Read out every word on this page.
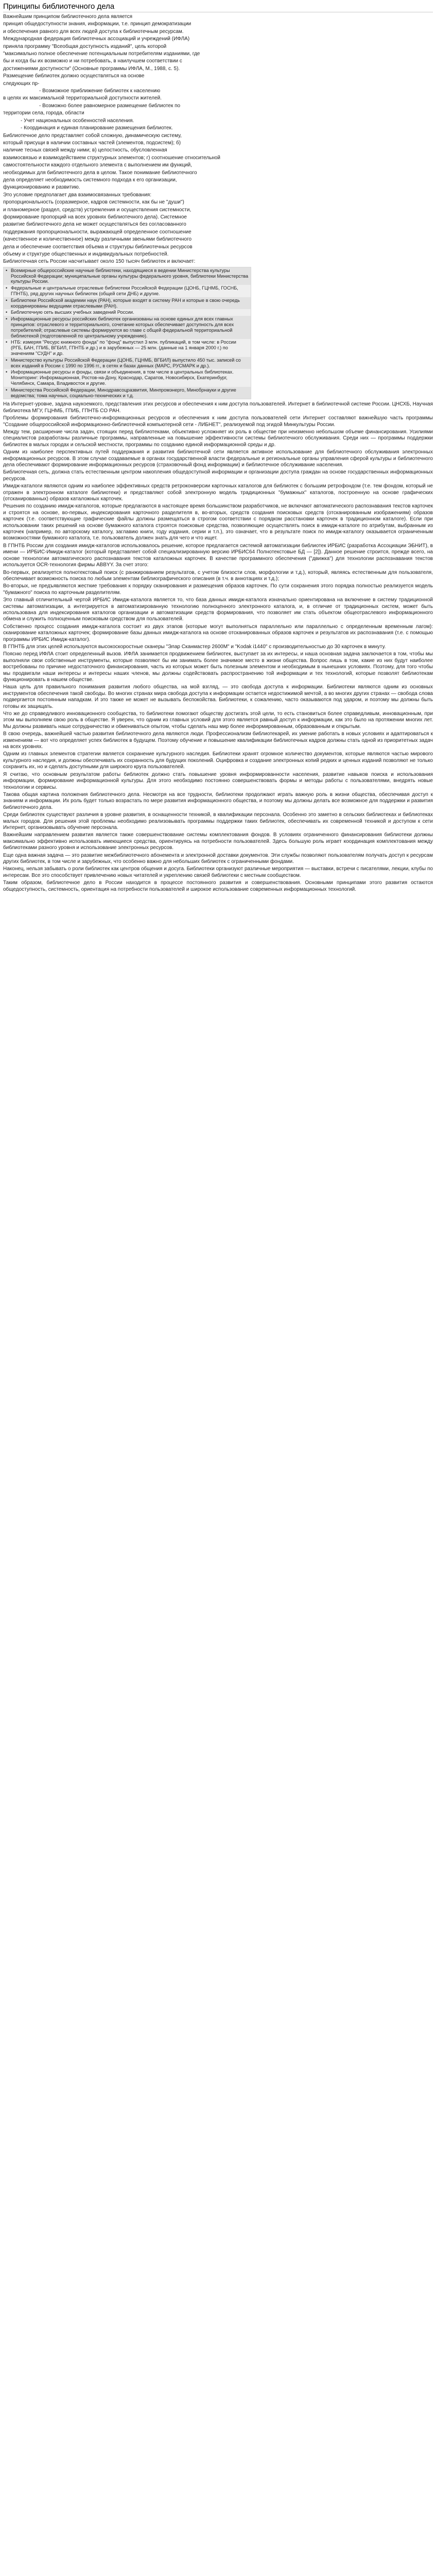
Принципы библиотечного дела

Важнейшим принципом библиотечного дела является

принцип общедоступности знания, информации, т.е. принцип демократизации

и обеспечения равного для всех людей доступа к библиотечным ресурсам.

Международная федерация библиотечных ассоциаций и учреждений (ИФЛА)

приняла программу "Всеобщая доступность изданий", цель которой

"максимально полное обеспечение потенциальным потребителям изданиями, где

бы и когда бы их возможно и ни потребовать, в наилучшем соответствии с

достижениями доступности" (Основные программы ИФЛА, М., 1988, с. 5).

Размещение библиотек должно осуществляться на основе

следующих пр-

- Возможное приближение библиотек к населению

в целях их максимальной территориальной доступности жителей.

- Возможно более равномерное размещение библиотек по

территории села, города, области

- Учет национальных особенностей населения.

- Координация и единая планирование размещения библиотек.

Библиотечное дело представляет собой сложную, динамическую систему,

который присущи в наличии составных частей (элементов, подсистем); б)

наличие тесных связей между ними; в) целостность, обусловленная

взаимосвязью и взаимодействием структурных элементов; г) соотношение относительной

самостоятельности каждого отдельного элемента с выполнением им функций,

необходимых для библиотечного дела в целом. Такое понимание библиотечного

дела определяет необходимость системного подхода к его организации,

функционированию и развитию.

Это условие предполагает два взаимосвязанных требования:

пропорциональность (соразмерное, кадров системности, как бы не "души")

и планомерное (раздел, средств) устремления и осуществления системности,

формирование пропорций на всех уровнях библиотечного дела). Системное

развитие библиотечного дела не может осуществляться без согласованного

поддержания пропорциональности, выражающей определенное соотношение

(качественное и количественное) между различными звеньями библиотечного

дела и обеспечение соответствия объема и структуры библиотечных ресурсов

объему и структуре общественных и индивидуальных потребностей.

Библиотечная сеть России насчитывает около 150 тысяч библиотек и включает:

• Всемирные общероссийские научные библиотеки, находящиеся в ведении Министерства культуры Российской Федерации; муниципальные органы культуры федерального уровня, библиотеки Министерства культуры России.
• Федеральные и центральные отраслевые библиотеки Российской Федерации (ЦОНБ, ГЦНМБ, ГОСНБ, ГПНТБ), ряд других научных библиотек (общей сети ДНБ) и другие.
• Библиотеки Российской академии наук (РАН), которые входят в систему РАН и которые в свою очередь координированы ведущими отраслевыми (РАН).
• Библиотечную сеть высших учебных заведений России.
• Информационные ресурсы российских библиотек организованы на основе единых для всех главных принципов: отраслевого и территориального, сочетание которых обеспечивает доступность для всех потребителей; отраслевые системы формируются во главе с общей федеральной территориальной библиотекой (подготовленной по центральному учреждению).
• НТБ: измеряя "Ресурс книжного фонда" по "фонд" выпустил 3 млн. публикаций, в том числе: в России (РГБ, БАН, ГПИБ, ВГБИЛ, ГПНТБ и др.) и в зарубежных — 25 млн. (данные на 1 января 2000 г.) по значениям "СУДН" и др.
• Министерство культуры Российской Федерации (ЦОНБ, ГЦНМБ, ВГБИЛ) выпустило 450 тыс. записей со всех изданий в России с 1990 по 1996 гг., в сетях и базах данных (МАРС, РУСМАРК и др.).
• Информационные ресурсы и фонды, связи и объединения, в том числе в центральных библиотеках. Мониторинг: Информационная, Ростов-на-Дону, Краснодар, Саратов, Новосибирск, Екатеринбург, Челябинск, Самара, Владивосток и другие.
• Министерства Российской Федерации, Минздравсоцразвития, Минпромэнерго, Минобрнауки и другие ведомства; тома научных, социально-технических и т.д.

На Интернет-уровне, задача наукоемкого, представления этих ресурсов и обеспечения к ним доступа пользователей. Интернет в библиотечной системе России. ЦНСХБ, Научная библиотека МГУ, ГЦНМБ, ГПИБ, ГПНТБ СО РАН.

Проблемы формирования библиотечно-информационных ресурсов и обеспечения к ним доступа пользователей сети Интернет составляют важнейшую часть программы "Создание общероссийской информационно-библиотечной компьютерной сети - ЛИБНЕТ", реализуемой под эгидой Минкультуры России.

Между тем, расширение числа задач, стоящих перед библиотеками, объективно усложняет их роль в обществе при неизменно небольшом объеме финансирования. Усилиями специалистов разработаны различные программы, направленные на повышение эффективности системы библиотечного обслуживания. Среди них — программы поддержки библиотек в малых городах и сельской местности, программы по созданию единой информационной среды и др.

Одним из наиболее перспективных путей поддержания и развития библиотечной сети является активное использование для библиотечного обслуживания электронных информационных ресурсов. В этом случае создаваемые в органах государственной власти федеральные и региональные органы управления сферой культуры и библиотечного дела обеспечивают формирование информационных ресурсов (страховочный фонд информации) и библиотечное обслуживание населения.

Библиотечная сеть, должна стать естественным центром накопления общедоступной информации и организации доступа граждан на основе государственных информационных ресурсов.

Имидж-каталоги являются одним из наиболее эффективных средств ретроконверсии карточных каталогов для библиотек с большим ретрофондом (т.е. тем фондом, который не отражен в электронном каталоге библиотеки) и представляют собой электронную модель традиционных "бумажных" каталогов, построенную на основе графических (отсканированных) образов каталожных карточек.

Решения по созданию имидж-каталогов, которые предлагаются в настоящее время большинством разработчиков, не включают автоматического распознавания текстов карточек и строятся на основе, во-первых, индексирования карточного разделителя в, во-вторых, средств создания поисковых средств (отсканированным изображениям) образов карточек (т.е. соответствующие графические файлы должны размещаться в строгом соответствии с порядком расстановки карточек в традиционном каталоге). Если при использовании таких решений на основе бумажного каталога строятся поисковые средства, позволяющие осуществлять поиск в имидж-каталоге по атрибутам, выбранным из карточек (например, по авторскому каталогу, заглавию книги, году издания, серии и т.п.), это означает, что в результате поиск по имидж-каталогу оказывается ограниченным возможностями бумажного каталога, т.е. пользователь должен знать для чего и что ищет.

В ГПНТБ России для создания имидж-каталогов использовалось решение, которое предлагается системой автоматизации библиотек ИРБИС (разработка Ассоциации ЭБНИТ), в имени — ИРБИС-Имидж-каталог (который представляет собой специализированную версию ИРБИС64 Полнотекстовые БД — [2]). Данное решение строится, прежде всего, на основе технологии автоматического распознавания текстов каталожных карточек. В качестве программного обеспечения ("движка") для технологии распознавания текстов используется OCR-технология фирмы ABBYY. За счет этого:

Во-первых, реализуется полнотекстовый поиск (с ранжированием результатов, с учетом близости слов, морфологии и т.д.), который, являясь естественным для пользователя, обеспечивает возможность поиска по любым элементам библиографического описания (в т.ч. в аннотациях и т.д.);

Во-вторых, не предъявляются жесткие требования к порядку сканирования и размещения образов карточек. По сути сохранения этого порядка полностью реализуется модель "бумажного" поиска по карточным разделителям.

Это главный отличительный чертой ИРБИС Имидж-каталога является то, что база данных имидж-каталога изначально ориентирована на включение в систему традиционной системы автоматизации, а интегрируется в автоматизированную технологию полноценного электронного каталога, и, в отличие от традиционных систем, может быть использована для индексирования каталогов организации и автоматизации средств формирования, что позволяет им стать объектом общеотраслевого информационного обмена и служить полноценным поисковым средством для пользователей.

Собственно процесс создания имидж-каталога состоит из двух этапов (которые могут выполняться параллельно или параллельно с определенным временным лагом): сканирование каталожных карточек; формирование базы данных имидж-каталога на основе отсканированных образов карточек и результатов их распознавания (т.е. с помощью программы ИРБИС Имидж-каталог).

В ГПНТБ для этих целей используются высокоскоростные сканеры "Элар Сканмастер 2600М" и "Kodak i1440" с производительностью до 30 карточек в минуту.

Поясню перед ИФЛА стоит определенный вызов. ИФЛА занимается продвижением библиотек, выступает за их интересы, и наша основная задача заключается в том, чтобы мы выполняли свои собственные инструменты, которые позволяют бы им занимать более значимое место в жизни общества. Вопрос лишь в том, какие из них будут наиболее востребованы по причине недостаточного финансирования, часть из которых может быть полезным элементом и необходимым в нынешних условиях. Поэтому, для того чтобы мы продвигали наши интересы и интересы наших членов, мы должны содействовать распространению той информации и тех технологий, которые позволят библиотекам функционировать в нашем обществе.

Наша цель для правильного понимания развития любого общества, на мой взгляд, — это свобода доступа к информации. Библиотеки являются одним из основных инструментов обеспечения такой свободы. Во многих странах мира свобода доступа к информации остается недостижимой мечтой, а во многих других странах — свобода слова подвергается постоянным нападкам. И это также не может не вызывать беспокойства. Библиотеки, к сожалению, часто оказываются под ударом, и поэтому мы должны быть готовы их защищать.

Что же до справедливого инновационного сообщества, то библиотеки помогают обществу достигать этой цели, то есть становиться более справедливым, инновационным, при этом мы выполняем свою роль в обществе. Я уверен, что одним из главных условий для этого является равный доступ к информации, как это было на протяжении многих лет. Мы должны развивать наше сотрудничество и обмениваться опытом, чтобы сделать наш мир более информированным, образованным и открытым.

В свою очередь, важнейшей частью развития библиотечного дела являются люди. Профессионализм библиотекарей, их умение работать в новых условиях и адаптироваться к изменениям — вот что определяет успех библиотек в будущем. Поэтому обучение и повышение квалификации библиотечных кадров должны стать одной из приоритетных задач на всех уровнях.

Одним из главных элементов стратегии является сохранение культурного наследия. Библиотеки хранят огромное количество документов, которые являются частью мирового культурного наследия, и должны обеспечивать их сохранность для будущих поколений. Оцифровка и создание электронных копий редких и ценных изданий позволяют не только сохранить их, но и сделать доступными для широкого круга пользователей.

Я считаю, что основным результатом работы библиотек должно стать повышение уровня информированности населения, развитие навыков поиска и использования информации, формирование информационной культуры. Для этого необходимо постоянно совершенствовать формы и методы работы с пользователями, внедрять новые технологии и сервисы.

Такова общая картина положения библиотечного дела. Несмотря на все трудности, библиотеки продолжают играть важную роль в жизни общества, обеспечивая доступ к знаниям и информации. Их роль будет только возрастать по мере развития информационного общества, и поэтому мы должны делать все возможное для поддержки и развития библиотечного дела.

Среди библиотек существуют различия в уровне развития, в оснащенности техникой, в квалификации персонала. Особенно это заметно в сельских библиотеках и библиотеках малых городов. Для решения этой проблемы необходимо реализовывать программы поддержки таких библиотек, обеспечивать их современной техникой и доступом к сети Интернет, организовывать обучение персонала.

Важнейшим направлением развития является также совершенствование системы комплектования фондов. В условиях ограниченного финансирования библиотеки должны максимально эффективно использовать имеющиеся средства, ориентируясь на потребности пользователей. Здесь большую роль играет координация комплектования между библиотеками разного уровня и использование электронных ресурсов.

Еще одна важная задача — это развитие межбиблиотечного абонемента и электронной доставки документов. Эти службы позволяют пользователям получать доступ к ресурсам других библиотек, в том числе и зарубежных, что особенно важно для небольших библиотек с ограниченными фондами.

Наконец, нельзя забывать о роли библиотек как центров общения и досуга. Библиотеки организуют различные мероприятия — выставки, встречи с писателями, лекции, клубы по интересам. Все это способствует привлечению новых читателей и укреплению связей библиотеки с местным сообществом.

Таким образом, библиотечное дело в России находится в процессе постоянного развития и совершенствования. Основными принципами этого развития остаются общедоступность, системность, ориентация на потребности пользователей и широкое использование современных информационных технологий.
